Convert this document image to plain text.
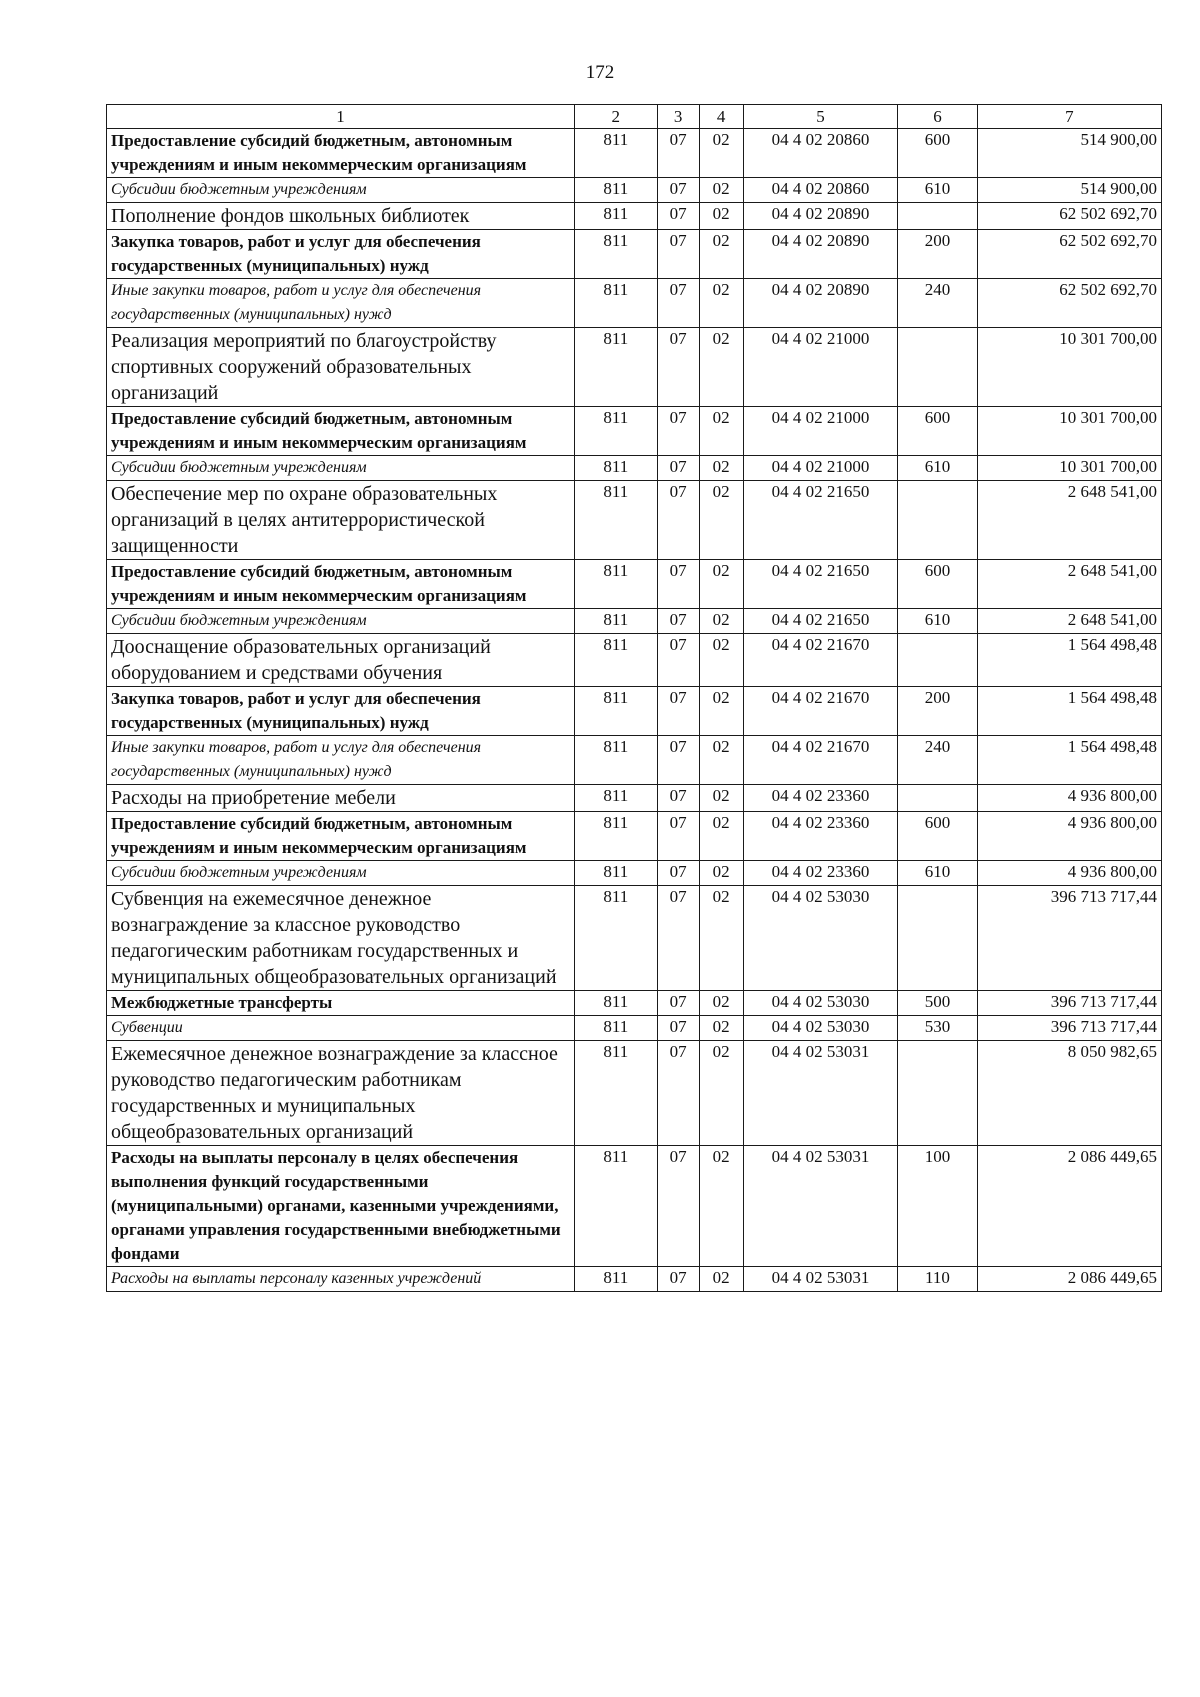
172
1	2	3	4	5	6	7
Предоставление субсидий бюджетным, автономным учреждениям и иным некоммерческим организациям	811	07	02	04 4 02 20860	600	514 900,00
Субсидии бюджетным учреждениям	811	07	02	04 4 02 20860	610	514 900,00
Пополнение фондов школьных библиотек	811	07	02	04 4 02 20890		62 502 692,70
Закупка товаров, работ и услуг для обеспечения государственных (муниципальных) нужд	811	07	02	04 4 02 20890	200	62 502 692,70
Иные закупки товаров, работ и услуг для обеспечения государственных (муниципальных) нужд	811	07	02	04 4 02 20890	240	62 502 692,70
Реализация мероприятий по благоустройству спортивных сооружений образовательных организаций	811	07	02	04 4 02 21000		10 301 700,00
Предоставление субсидий бюджетным, автономным учреждениям и иным некоммерческим организациям	811	07	02	04 4 02 21000	600	10 301 700,00
Субсидии бюджетным учреждениям	811	07	02	04 4 02 21000	610	10 301 700,00
Обеспечение мер по охране образовательных организаций в целях антитеррористической защищенности	811	07	02	04 4 02 21650		2 648 541,00
Предоставление субсидий бюджетным, автономным учреждениям и иным некоммерческим организациям	811	07	02	04 4 02 21650	600	2 648 541,00
Субсидии бюджетным учреждениям	811	07	02	04 4 02 21650	610	2 648 541,00
Дооснащение образовательных организаций оборудованием и средствами обучения	811	07	02	04 4 02 21670		1 564 498,48
Закупка товаров, работ и услуг для обеспечения государственных (муниципальных) нужд	811	07	02	04 4 02 21670	200	1 564 498,48
Иные закупки товаров, работ и услуг для обеспечения государственных (муниципальных) нужд	811	07	02	04 4 02 21670	240	1 564 498,48
Расходы на приобретение мебели	811	07	02	04 4 02 23360		4 936 800,00
Предоставление субсидий бюджетным, автономным учреждениям и иным некоммерческим организациям	811	07	02	04 4 02 23360	600	4 936 800,00
Субсидии бюджетным учреждениям	811	07	02	04 4 02 23360	610	4 936 800,00
Субвенция на ежемесячное денежное вознаграждение за классное руководство педагогическим работникам государственных и муниципальных общеобразовательных организаций	811	07	02	04 4 02 53030		396 713 717,44
Межбюджетные трансферты	811	07	02	04 4 02 53030	500	396 713 717,44
Субвенции	811	07	02	04 4 02 53030	530	396 713 717,44
Ежемесячное денежное вознаграждение за классное руководство педагогическим работникам государственных и муниципальных общеобразовательных организаций	811	07	02	04 4 02 53031		8 050 982,65
Расходы на выплаты персоналу в целях обеспечения выполнения функций государственными (муниципальными) органами, казенными учреждениями, органами управления государственными внебюджетными фондами	811	07	02	04 4 02 53031	100	2 086 449,65
Расходы на выплаты персоналу казенных учреждений	811	07	02	04 4 02 53031	110	2 086 449,65
